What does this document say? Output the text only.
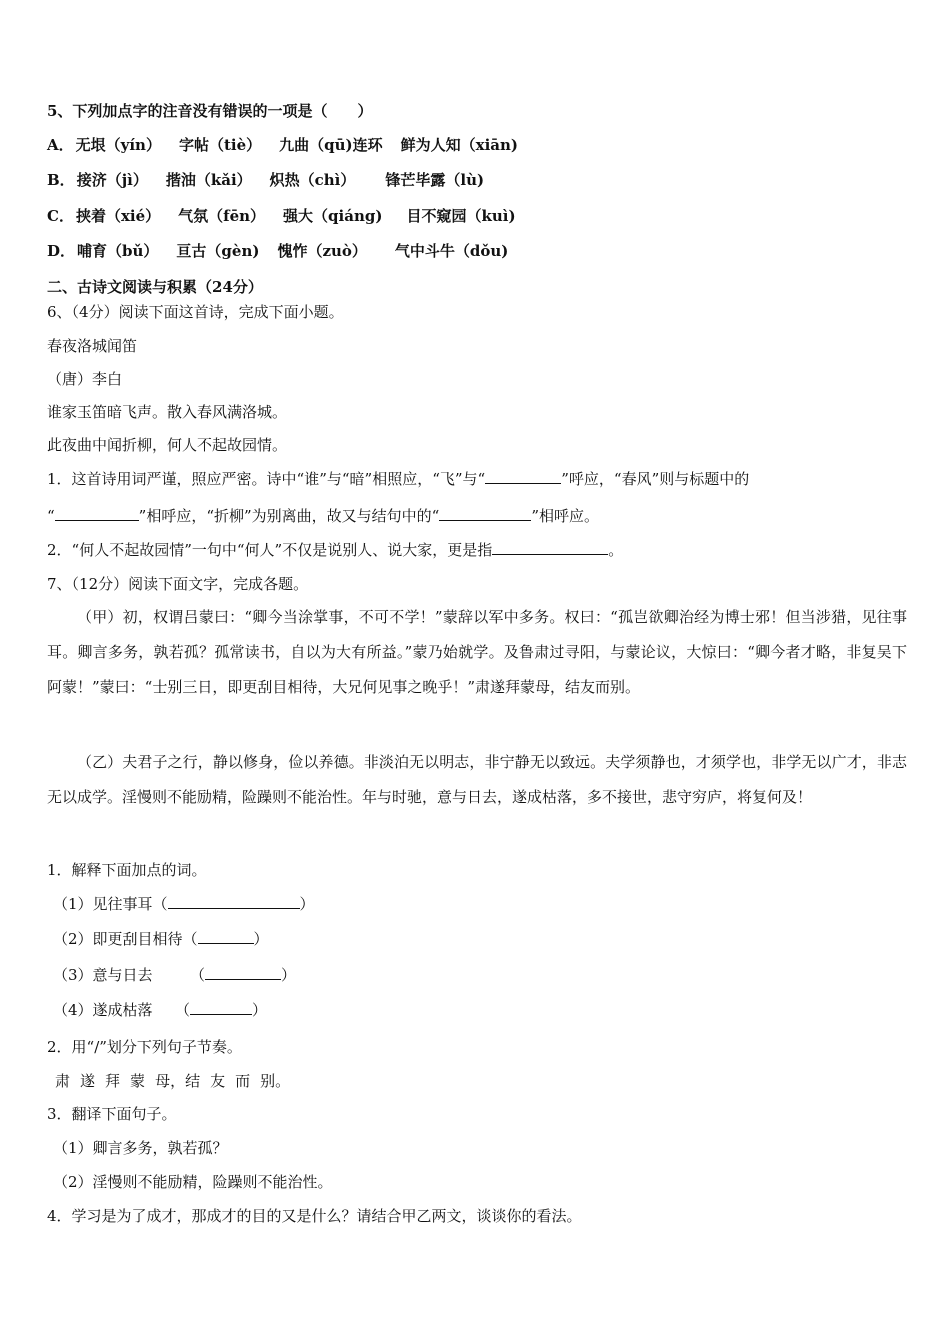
5、下列加点字的注音没有错误的一项是（　　）
A． 无垠（yín） 字帖（tiè） 九曲（qū)连环 鲜为人知（xiān)
B． 接济（jì） 揩油（kǎi） 炽热（chì） 锋芒毕露（lù)
C． 挟着（xié） 气氛（fēn） 强大（qiáng) 目不窥园（kuì)
D． 哺育（bǔ） 亘古（gèn) 愧怍（zuò） 气中斗牛（dǒu)
二、古诗文阅读与积累（24分）
6、（4分）阅读下面这首诗，完成下面小题。
春夜洛城闻笛
（唐）李白
谁家玉笛暗飞声。散入春风满洛城。
此夜曲中闻折柳，何人不起故园情。
1．这首诗用词严谨，照应严密。诗中“谁”与“暗”相照应，“飞”与“	”呼应，“春风”则与标题中的
“	”相呼应，“折柳”为别离曲，故又与结句中的“	”相呼应。
2．“何人不起故园情”一句中“何人”不仅是说别人、说大家，更是指	。
7、（12分）阅读下面文字，完成各题。
（甲）初，权谓吕蒙曰：“卿今当涂掌事，不可不学！”蒙辞以军中多务。权曰：“孤岂欲卿治经为博士邪！但当涉猎，见往事耳。卿言多务，孰若孤？孤常读书，自以为大有所益。”蒙乃始就学。及鲁肃过寻阳，与蒙论议，大惊曰：“卿今者才略，非复吴下阿蒙！”蒙曰：“士别三日，即更刮目相待，大兄何见事之晚乎！”肃遂拜蒙母，结友而别。
（乙）夫君子之行，静以修身，俭以养德。非淡泊无以明志，非宁静无以致远。夫学须静也，才须学也，非学无以广才，非志无以成学。淫慢则不能励精，险躁则不能治性。年与时驰，意与日去，遂成枯落，多不接世，悲守穷庐，将复何及！
1．解释下面加点的词。
（1）见往事耳（	）
（2）即更刮目相待（	）
（3）意与日去　　　（	）
（4）遂成枯落　　（	）
2．用“/”划分下列句子节奏。
肃 遂 拜 蒙 母，结 友 而 别。
3．翻译下面句子。
（1）卿言多务，孰若孤？
（2）淫慢则不能励精，险躁则不能治性。
4．学习是为了成才，那成才的目的又是什么？请结合甲乙两文，谈谈你的看法。
